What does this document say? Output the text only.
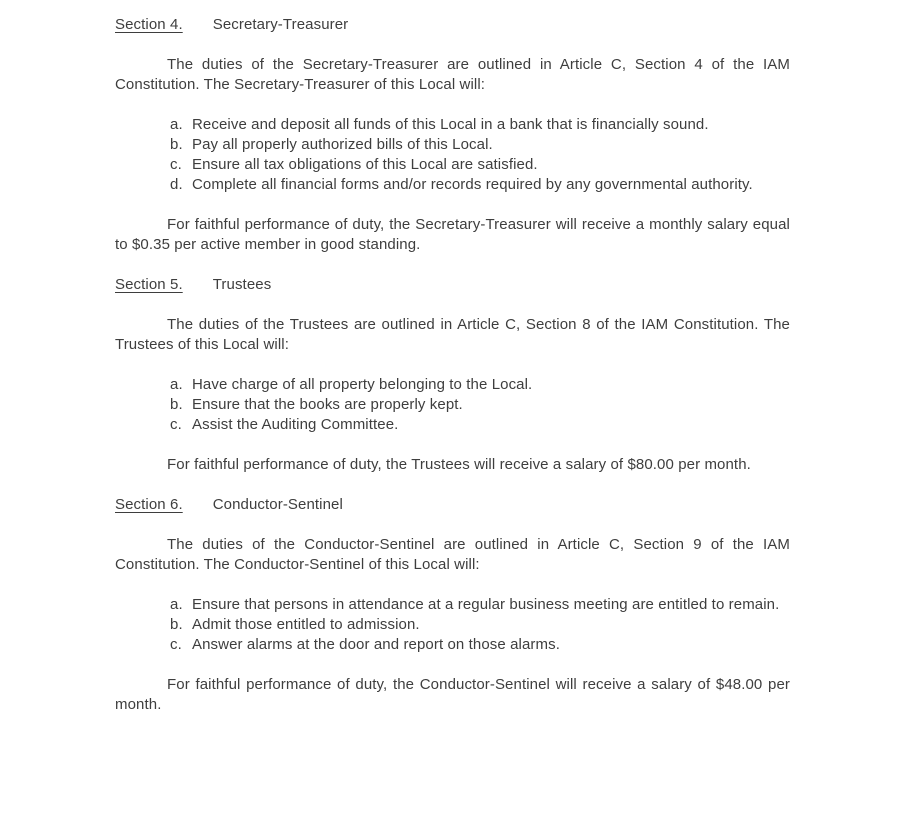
Section 4. Secretary-Treasurer

The duties of the Secretary-Treasurer are outlined in Article C, Section 4 of the IAM Constitution. The Secretary-Treasurer of this Local will:

a. Receive and deposit all funds of this Local in a bank that is financially sound.
b. Pay all properly authorized bills of this Local.
c. Ensure all tax obligations of this Local are satisfied.
d. Complete all financial forms and/or records required by any governmental authority.

For faithful performance of duty, the Secretary-Treasurer will receive a monthly salary equal to $0.35 per active member in good standing.

Section 5. Trustees

The duties of the Trustees are outlined in Article C, Section 8 of the IAM Constitution. The Trustees of this Local will:

a. Have charge of all property belonging to the Local.
b. Ensure that the books are properly kept.
c. Assist the Auditing Committee.

For faithful performance of duty, the Trustees will receive a salary of $80.00 per month.

Section 6. Conductor-Sentinel

The duties of the Conductor-Sentinel are outlined in Article C, Section 9 of the IAM Constitution. The Conductor-Sentinel of this Local will:

a. Ensure that persons in attendance at a regular business meeting are entitled to remain.
b. Admit those entitled to admission.
c. Answer alarms at the door and report on those alarms.

For faithful performance of duty, the Conductor-Sentinel will receive a salary of $48.00 per month.
